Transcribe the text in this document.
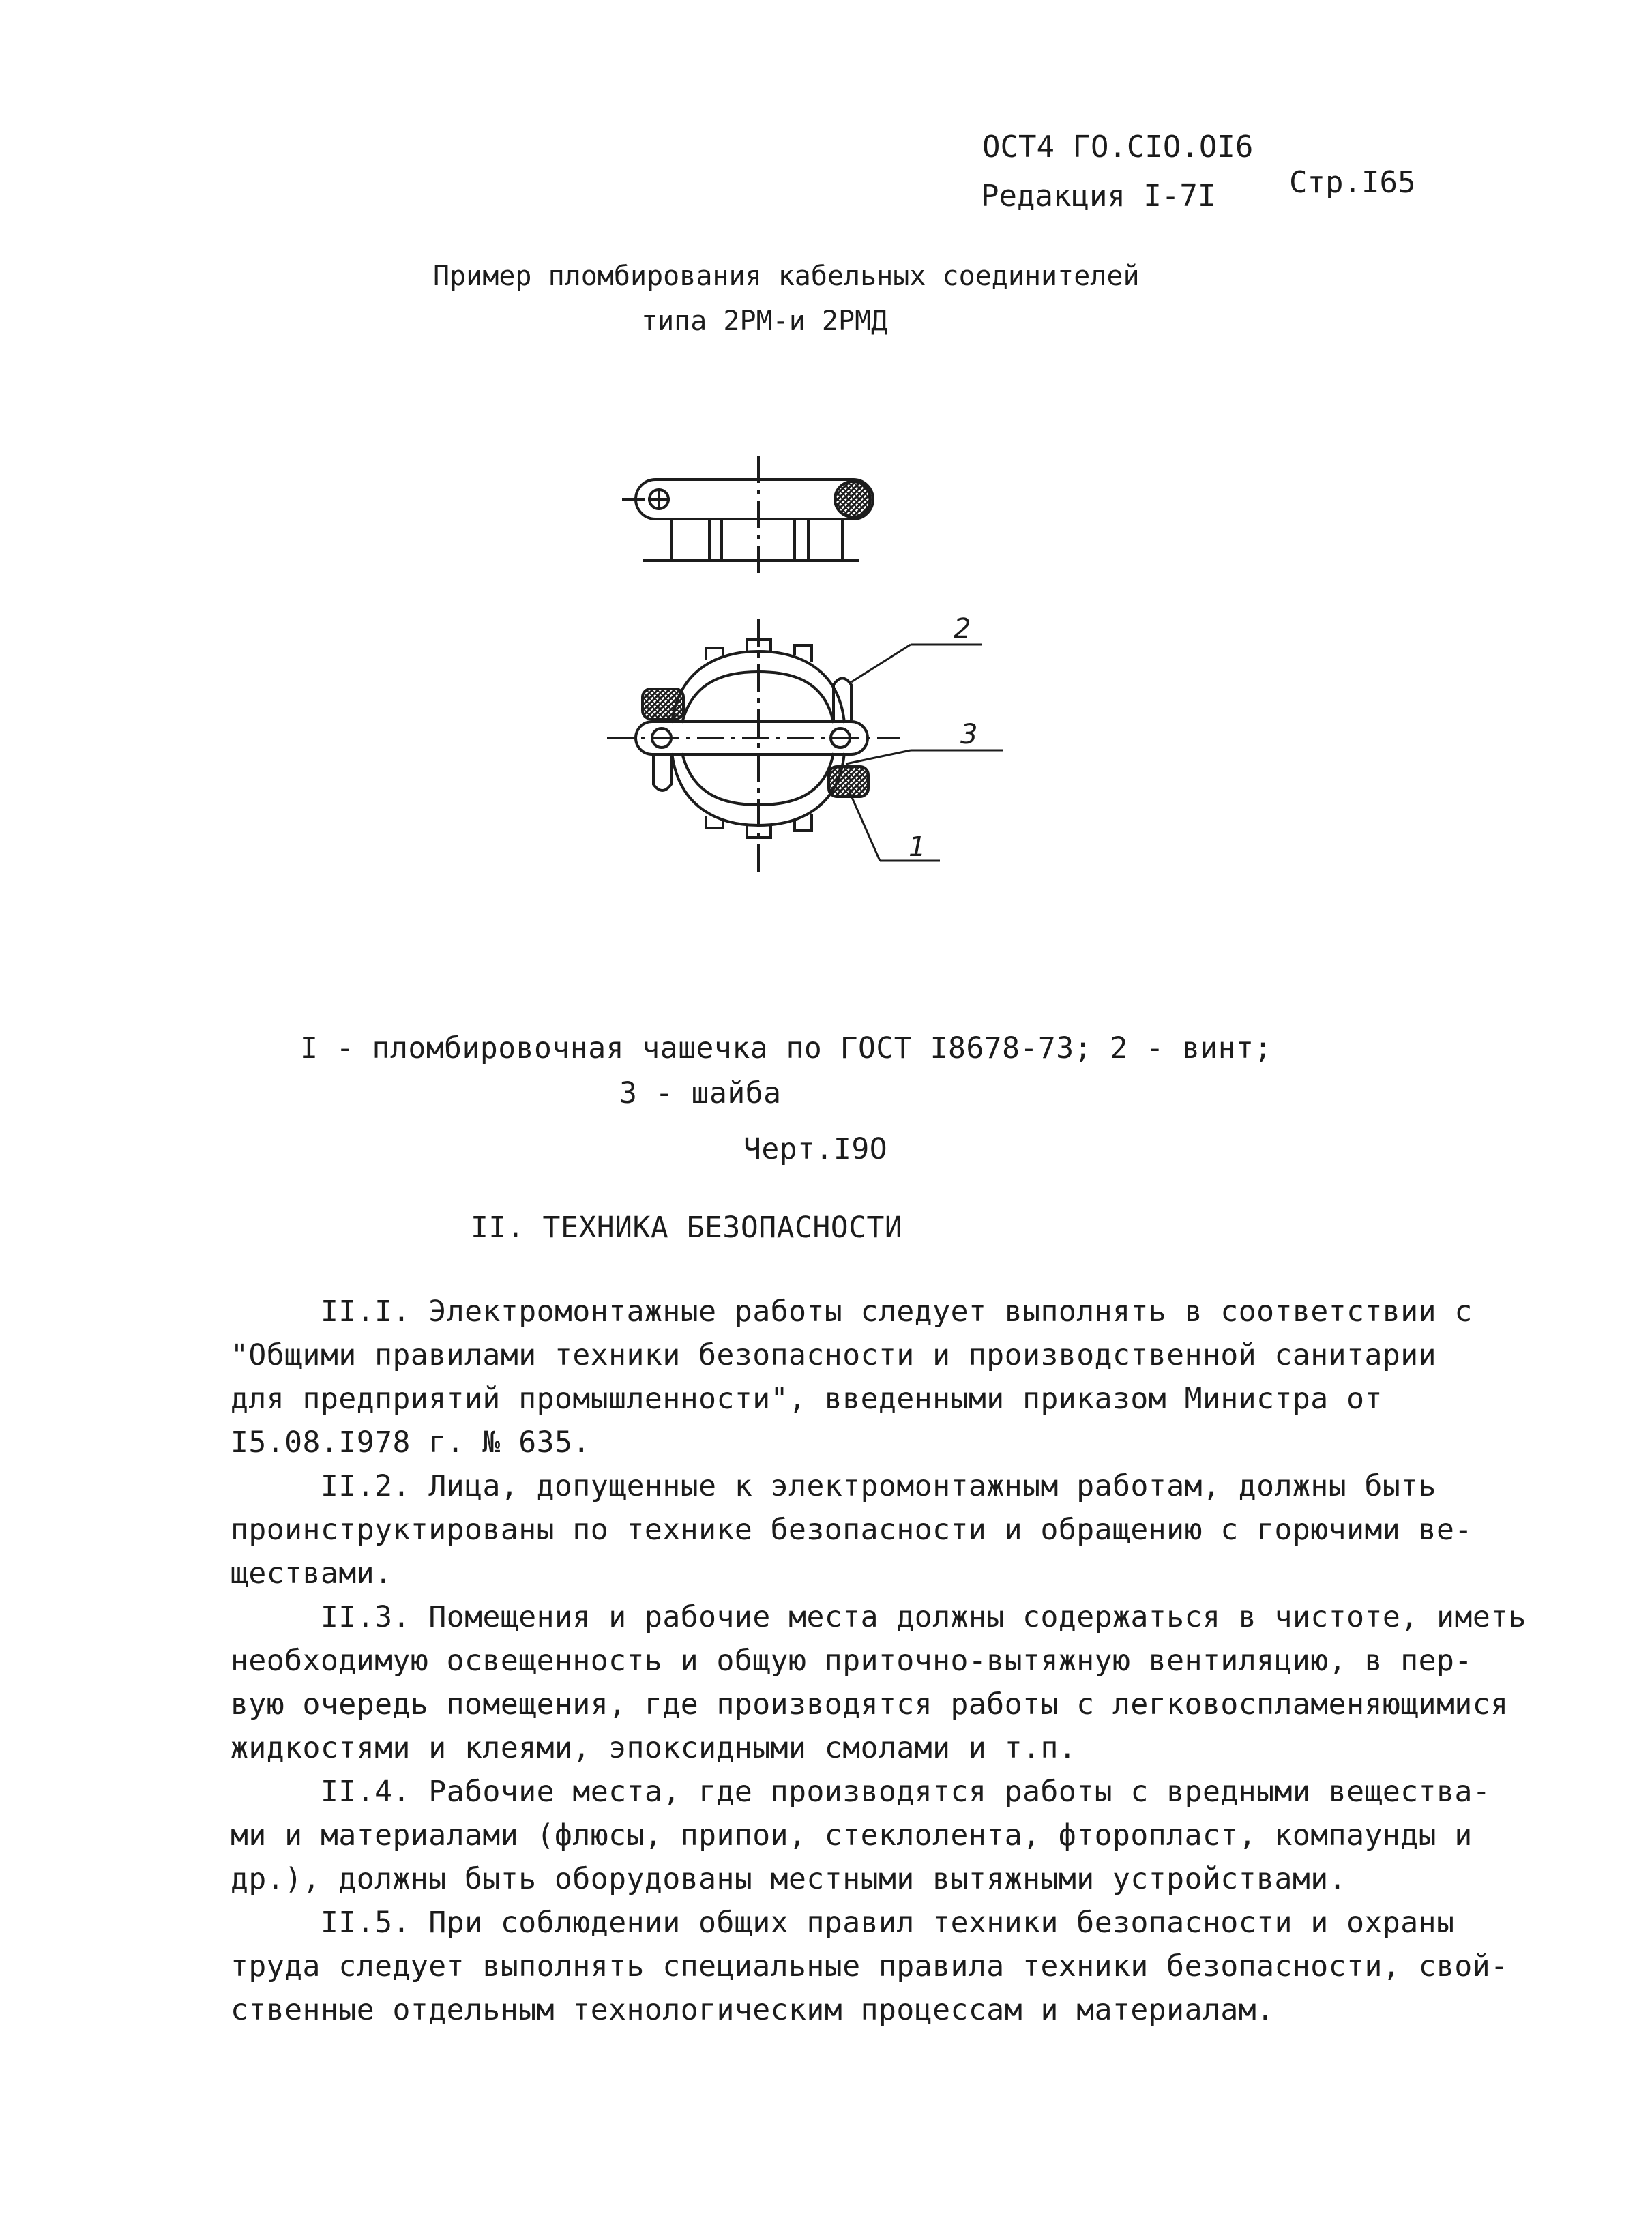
ОСТ4 ГО.СІО.ОІ6
Редакция І-7І Стр.І65
Пример пломбирования кабельных соединителей
типа 2РМ-и 2РМД
2
3
1
І - пломбировочная чашечка по ГОСТ І8678-73; 2 - винт;
3 - шайба
Черт.І9О
ІІ. ТЕХНИКА БЕЗОПАСНОСТИ
ІІ.І. Электромонтажные работы следует выполнять в соответствии с
"Общими правилами техники безопасности и производственной санитарии
для предприятий промышленности", введенными приказом Министра от
І5.08.І978 г. № 635.
ІІ.2. Лица, допущенные к электромонтажным работам, должны быть
проинструктированы по технике безопасности и обращению с горючими ве-
ществами.
ІІ.3. Помещения и рабочие места должны содержаться в чистоте, иметь
необходимую освещенность и общую приточно-вытяжную вентиляцию, в пер-
вую очередь помещения, где производятся работы с легковоспламеняющимися
жидкостями и клеями, эпоксидными смолами и т.п.
ІІ.4. Рабочие места, где производятся работы с вредными вещества-
ми и материалами (флюсы, припои, стеклолента, фторопласт, компаунды и
др.), должны быть оборудованы местными вытяжными устройствами.
ІІ.5. При соблюдении общих правил техники безопасности и охраны
труда следует выполнять специальные правила техники безопасности, свой-
ственные отдельным технологическим процессам и материалам.
